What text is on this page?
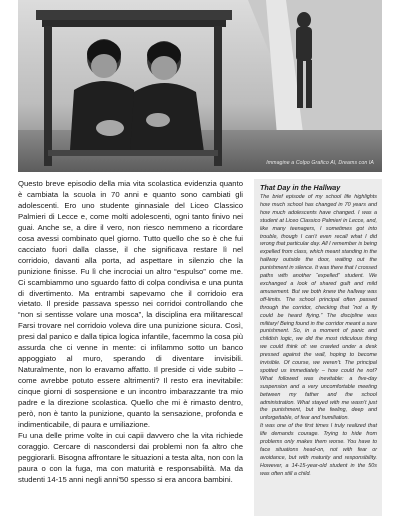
Immagine a Colpo Grafico AI, Dreams con IA

Questo breve episodio della mia vita scolastica evidenzia quanto è cambiata la scuola in 70 anni e quanto sono cambiati gli adolescenti. Ero uno studente ginnasiale del Liceo Classico Palmieri di Lecce e, come molti adolescenti, ogni tanto finivo nei guai. Anche se, a dire il vero, non riesco nemmeno a ricordare cosa avessi combinato quel giorno. Tutto quello che so è che fui cacciato fuori dalla classe, il che significava restare lì nel corridoio, davanti alla porta, ad aspettare in silenzio che la punizione finisse. Fu lì che incrociai un altro “espulso” come me. Ci scambiammo uno sguardo fatto di colpa condivisa e una punta di divertimento. Ma entrambi sapevamo che il corridoio era vietato. Il preside passava spesso nei corridoi controllando che “non si sentisse volare una mosca”, la disciplina era militaresca! Farsi trovare nel corridoio voleva dire una punizione sicura. Così, presi dal panico e dalla tipica logica infantile, facemmo la cosa più assurda che ci venne in mente: ci infilammo sotto un banco appoggiato al muro, sperando di diventare invisibili. Naturalmente, non lo eravamo affatto. Il preside ci vide subito – come avrebbe potuto essere altrimenti? Il resto era inevitabile: cinque giorni di sospensione e un incontro imbarazzante tra mio padre e la direzione scolastica. Quello che mi è rimasto dentro, però, non è tanto la punizione, quanto la sensazione, profonda e indimenticabile, di paura e umiliazione.

Fu una delle prime volte in cui capii davvero che la vita richiede coraggio. Cercare di nascondersi dai problemi non fa altro che peggiorarli. Bisogna affrontare le situazioni a testa alta, non con la paura o con la fuga, ma con maturità e responsabilità. Ma da studenti 14-15 anni negli anni'50 spesso si era ancora bambini.

That Day in the Hallway

The brief episode of my school life highlights how much school has changed in 70 years and how much adolescents have changed. I was a student at Liceo Classico Palmieri in Lecce, and, like many teenagers, I sometimes got into trouble, though I can’t even recall what I did wrong that particular day. All I remember is being expelled from class, which meant standing in the hallway outside the door, waiting out the punishment in silence. It was there that I crossed paths with another “expelled” student. We exchanged a look of shared guilt and mild amusement. But we both knew the hallway was off-limits. The school principal often passed through the corridor, checking that “not a fly could be heard flying.” The discipline was military! Being found in the corridor meant a sure punishment. So, in a moment of panic and childish logic, we did the most ridiculous thing we could think of: we crawled under a desk pressed against the wall, hoping to become invisible. Of course, we weren’t. The principal spotted us immediately – how could he not? What followed was inevitable: a five-day suspension and a very uncomfortable meeting between my father and the school administration. What stayed with me wasn’t just the punishment, but the feeling, deep and unforgettable, of fear and humiliation.

It was one of the first times I truly realized that life demands courage. Trying to hide from problems only makes them worse. You have to face situations head-on, not with fear or avoidance, but with maturity and responsibility. However, a 14-15-year-old student in the 50s was often still a child.
